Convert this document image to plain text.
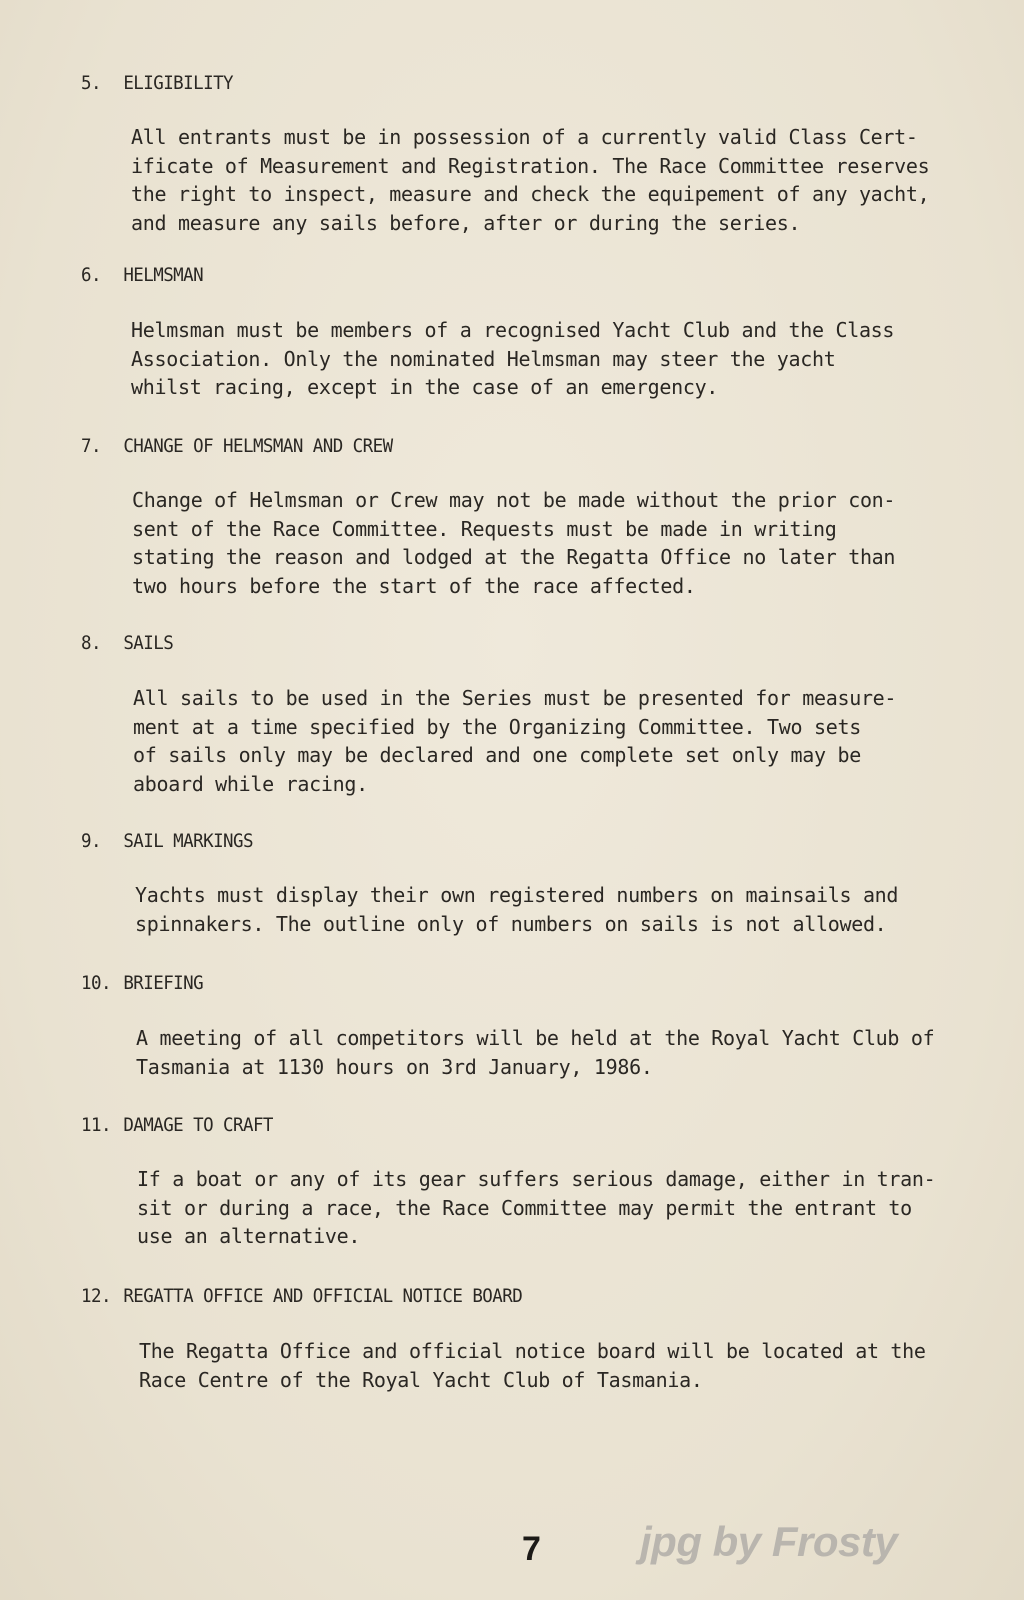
5. ELIGIBILITY
All entrants must be in possession of a currently valid Class Cert-
ificate of Measurement and Registration. The Race Committee reserves
the right to inspect, measure and check the equipement of any yacht,
and measure any sails before, after or during the series.
6. HELMSMAN
Helmsman must be members of a recognised Yacht Club and the Class
Association. Only the nominated Helmsman may steer the yacht
whilst racing, except in the case of an emergency.
7. CHANGE OF HELMSMAN AND CREW
Change of Helmsman or Crew may not be made without the prior con-
sent of the Race Committee. Requests must be made in writing
stating the reason and lodged at the Regatta Office no later than
two hours before the start of the race affected.
8. SAILS
All sails to be used in the Series must be presented for measure-
ment at a time specified by the Organizing Committee. Two sets
of sails only may be declared and one complete set only may be
aboard while racing.
9. SAIL MARKINGS
Yachts must display their own registered numbers on mainsails and
spinnakers. The outline only of numbers on sails is not allowed.
10. BRIEFING
A meeting of all competitors will be held at the Royal Yacht Club of
Tasmania at 1130 hours on 3rd January, 1986.
11. DAMAGE TO CRAFT
If a boat or any of its gear suffers serious damage, either in tran-
sit or during a race, the Race Committee may permit the entrant to
use an alternative.
12. REGATTA OFFICE AND OFFICIAL NOTICE BOARD
The Regatta Office and official notice board will be located at the
Race Centre of the Royal Yacht Club of Tasmania.
7 jpg by Frosty
